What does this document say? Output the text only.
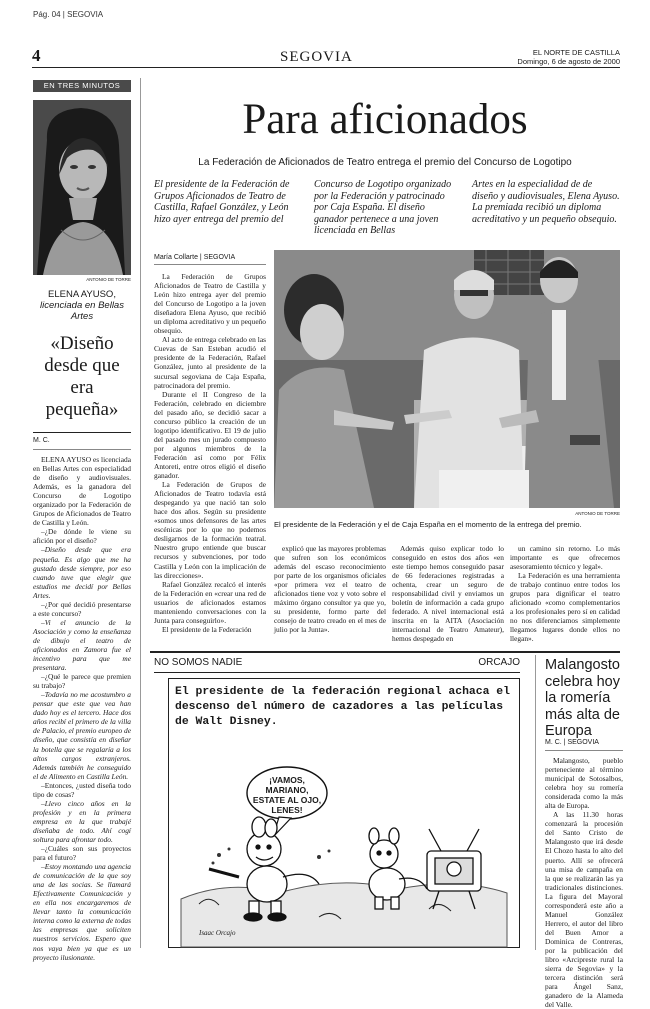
Pág. 04 | SEGOVIA
4	SEGOVIA	EL NORTE DE CASTILLA
Domingo, 6 de agosto de 2000
EN TRES MINUTOS
ANTONIO DE TORRE
ELENA AYUSO,
licenciada en Bellas Artes
«Diseño desde que era pequeña»
M. C.

ELENA AYUSO es licenciada en Bellas Artes con especialidad de diseño y audiovisuales. Además, es la ganadora del Concurso de Logotipo organizado por la Federación de Grupos de Aficionados de Teatro de Castilla y León.

–¿De dónde le viene su afición por el diseño?

–Diseño desde que era pequeña. Es algo que me ha gustado desde siempre, por eso cuando tuve que elegir que estudios me decidí por Bellas Artes.

–¿Por qué decidió presentarse a este concurso?

–Vi el anuncio de la Asociación y como la enseñanza de dibujo el teatro de aficionados en Zamora fue el incentivo para que me presentara.

–¿Qué le parece que premien su trabajo?

–Todavía no me acostumbro a pensar que este que vea han dado hoy es el tercero. Hace dos años recibí el primero de la villa de Palacio, el premio europeo de diseño, que consistía en diseñar la botella que se regalaría a los altos cargos extranjeros. Además también he conseguido el de Alimento en Castilla León.

–Entonces, ¿usted diseña todo tipo de cosas?

–Llevo cinco años en la profesión y en la primera empresa en la que trabajé diseñaba de todo. Ahí cogí soltura para afrontar todo.

–¿Cuáles son sus proyectos para el futuro?

–Estoy montando una agencia de comunicación de la que soy una de las socias. Se llamará Efectivamente Comunicación y en ella nos encargaremos de llevar tanto la comunicación interna como la externa de todas las empresas que soliciten nuestros servicios. Espero que nos vaya bien ya que es un proyecto ilusionante.

Para aficionados
La Federación de Aficionados de Teatro entrega el premio del Concurso de Logotipo
El presidente de la Federación de Grupos Aficionados de Teatro de Castilla, Rafael González, y León hizo ayer entrega del premio del
Concurso de Logotipo organizado por la Federación y patrocinado por Caja España. El diseño ganador pertenece a una joven licenciada en Bellas
Artes en la especialidad de de diseño y audiovisuales, Elena Ayuso. La premiada recibió un diploma acreditativo y un pequeño obsequio.
María Collarte | SEGOVIA

La Federación de Grupos Aficionados de Teatro de Castilla y León hizo entrega ayer del premio del Concurso de Logotipo a la joven diseñadora Elena Ayuso, que recibió un diploma acreditativo y un pequeño obsequio.

Al acto de entrega celebrado en las Cuevas de San Esteban acudió el presidente de la Federación, Rafael González, junto al presidente de la sucursal segoviana de Caja España, patrocinadora del premio.

Durante el II Congreso de la Federación, celebrado en diciembre del pasado año, se decidió sacar a concurso público la creación de un logotipo identificativo. El 19 de julio del pasado mes un jurado compuesto por algunos miembros de la Federación así como por Félix Antoreti, entre otros eligió el diseño ganador.

La Federación de Grupos de Aficionados de Teatro todavía está despegando ya que nació tan solo hace dos años. Según su presidente «somos unos defensores de las artes escénicas por lo que no podemos desligarnos de la formación teatral. Nuestro grupo entiende que buscar recursos y subvenciones, por todo Castilla y León con la implicación de las direcciones».

Rafael González recalcó el interés de la Federación en «crear una red de usuarios de aficionados estamos manteniendo conversaciones con la Junta para conseguirlo».

El presidente de la Federación

ANTONIO DE TORRE
El presidente de la Federación y el de Caja España en el momento de la entrega del premio.

explicó que las mayores problemas que sufren son los económicos además del escaso reconocimiento por parte de los organismos oficiales «por primera vez el teatro de aficionados tiene voz y voto sobre el máximo órgano consultor ya que yo, su presidente, formo parte del consejo de teatro creado en el mes de julio por la Junta».

Además quiso explicar todo lo conseguido en estos dos años «en este tiempo hemos conseguido pasar de 66 federaciones registradas a ochenta, crear un seguro de responsabilidad civil y enviamos un boletín de información a cada grupo federado. A nivel internacional está inscrita en la AITA (Asociación internacional de Teatro Amateur), hemos despegado en

un camino sin retorno. Lo más importante es que ofrecemos asesoramiento técnico y legal».

La Federación es una herramienta de trabajo continuo entre todos los grupos para dignificar el teatro aficionado «como complementarios a los profesionales pero sí en calidad no nos diferenciamos simplemente llegamos lugares donde ellos no llegan».

NO SOMOS NADIE	ORCAJO
El presidente de la federación regional achaca el descenso del número de cazadores a las películas de Walt Disney.
¡VAMOS, MARIANO, ESTATE AL OJO, LENES!
Isaac Orcajo
Malangosto celebra hoy la romería más alta de Europa
M. C. | SEGOVIA

Malangosto, pueblo perteneciente al término municipal de Sotosalbos, celebra hoy su romería considerada como la más alta de Europa.

A las 11.30 horas comenzará la procesión del Santo Cristo de Malangosto que irá desde El Chozo hasta lo alto del puerto. Allí se ofrecerá una misa de campaña en la que se realizarán las ya tradicionales distinciones. La figura del Mayoral corresponderá este año a Manuel González Herrero, el autor del libro del Buen Amor a Dominica de Contreras, por la publicación del libro «Arcipreste rural la sierra de Segovia» y la tercera distinción será para Ángel Sanz, ganadero de la Alameda del Valle.
